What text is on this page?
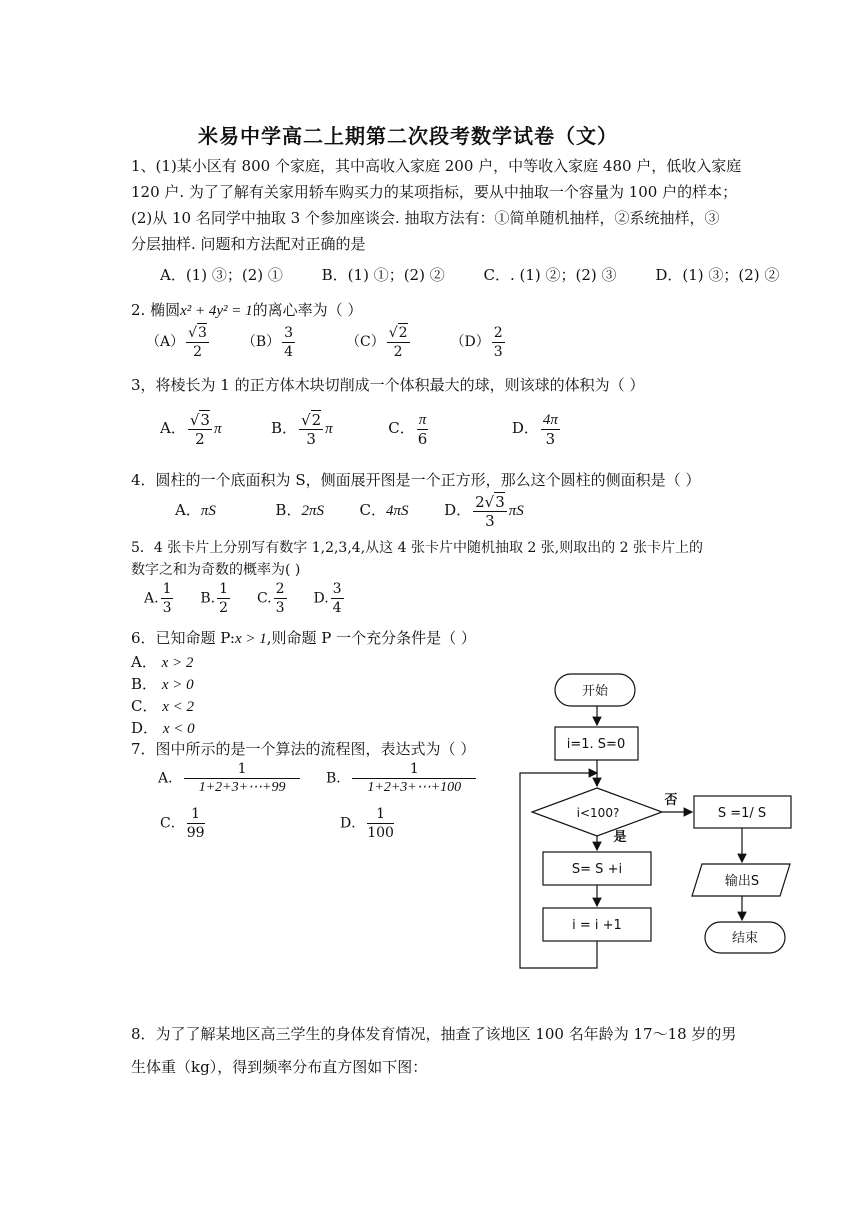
米易中学高二上期第二次段考数学试卷（文）
1、(1)某小区有 800 个家庭，其中高收入家庭 200 户，中等收入家庭 480 户，低收入家庭
120 户. 为了了解有关家用轿车购买力的某项指标，要从中抽取一个容量为 100 户的样本；
(2)从 10 名同学中抽取 3 个参加座谈会. 抽取方法有：①简单随机抽样，②系统抽样，③
分层抽样. 问题和方法配对正确的是
A．(1) ③；(2) ①	B．(1) ①；(2) ②	C．. (1) ②；(2) ③	D．(1) ③；(2) ②
2. 椭圆x² + 4y² = 1的离心率为（ ）
$(A) \frac{√3}{2} (B) \frac{3}{4}$	$(C) \frac{√2}{2}$	$(D) \frac{2}{3}$
3，将棱长为 1 的正方体木块切削成一个体积最大的球，则该球的体积为（ ）
A． $\frac{√3}{2}$ π	B． $\frac{√2}{3}$ π	C． $\frac{\pi}{6}$	D． $\frac{4\pi}{3}$
4．圆柱的一个底面积为 S，侧面展开图是一个正方形，那么这个圆柱的侧面积是（ ）
A．πS	B．2πS C．4πS D． $\frac{2√3}{3}$ πS
5．4 张卡片上分别写有数字 1,2,3,4,从这 4 张卡片中随机抽取 2 张,则取出的 2 张卡片上的
数字之和为奇数的概率为( )
A. $\frac{1}{3} B$. $\frac{1}{2} C$. $\frac{2}{3} D$. $\frac{3}{4}$
6．已知命题 P:x > 1,则命题 P 一个充分条件是（ ）
A． x > 2
B． x > 0
C． x < 2
D． x < 0
7．图中所示的是一个算法的流程图，表达式为（ ）
A． $\frac{1}{1+2+3+\cdots+99}$ B． $\frac{1}{1+2+3+\cdots+100}$
C． $\frac{1}{99}$	D． $\frac{1}{100}$
开始
i=1. S=0
i<100?
否
是
S= S +i
i = i +1
S =1/ S
输出S
结束
8．为了了解某地区高三学生的身体发育情况，抽查了该地区 100 名年龄为 17～18 岁的男
生体重（kg），得到频率分布直方图如下图：
